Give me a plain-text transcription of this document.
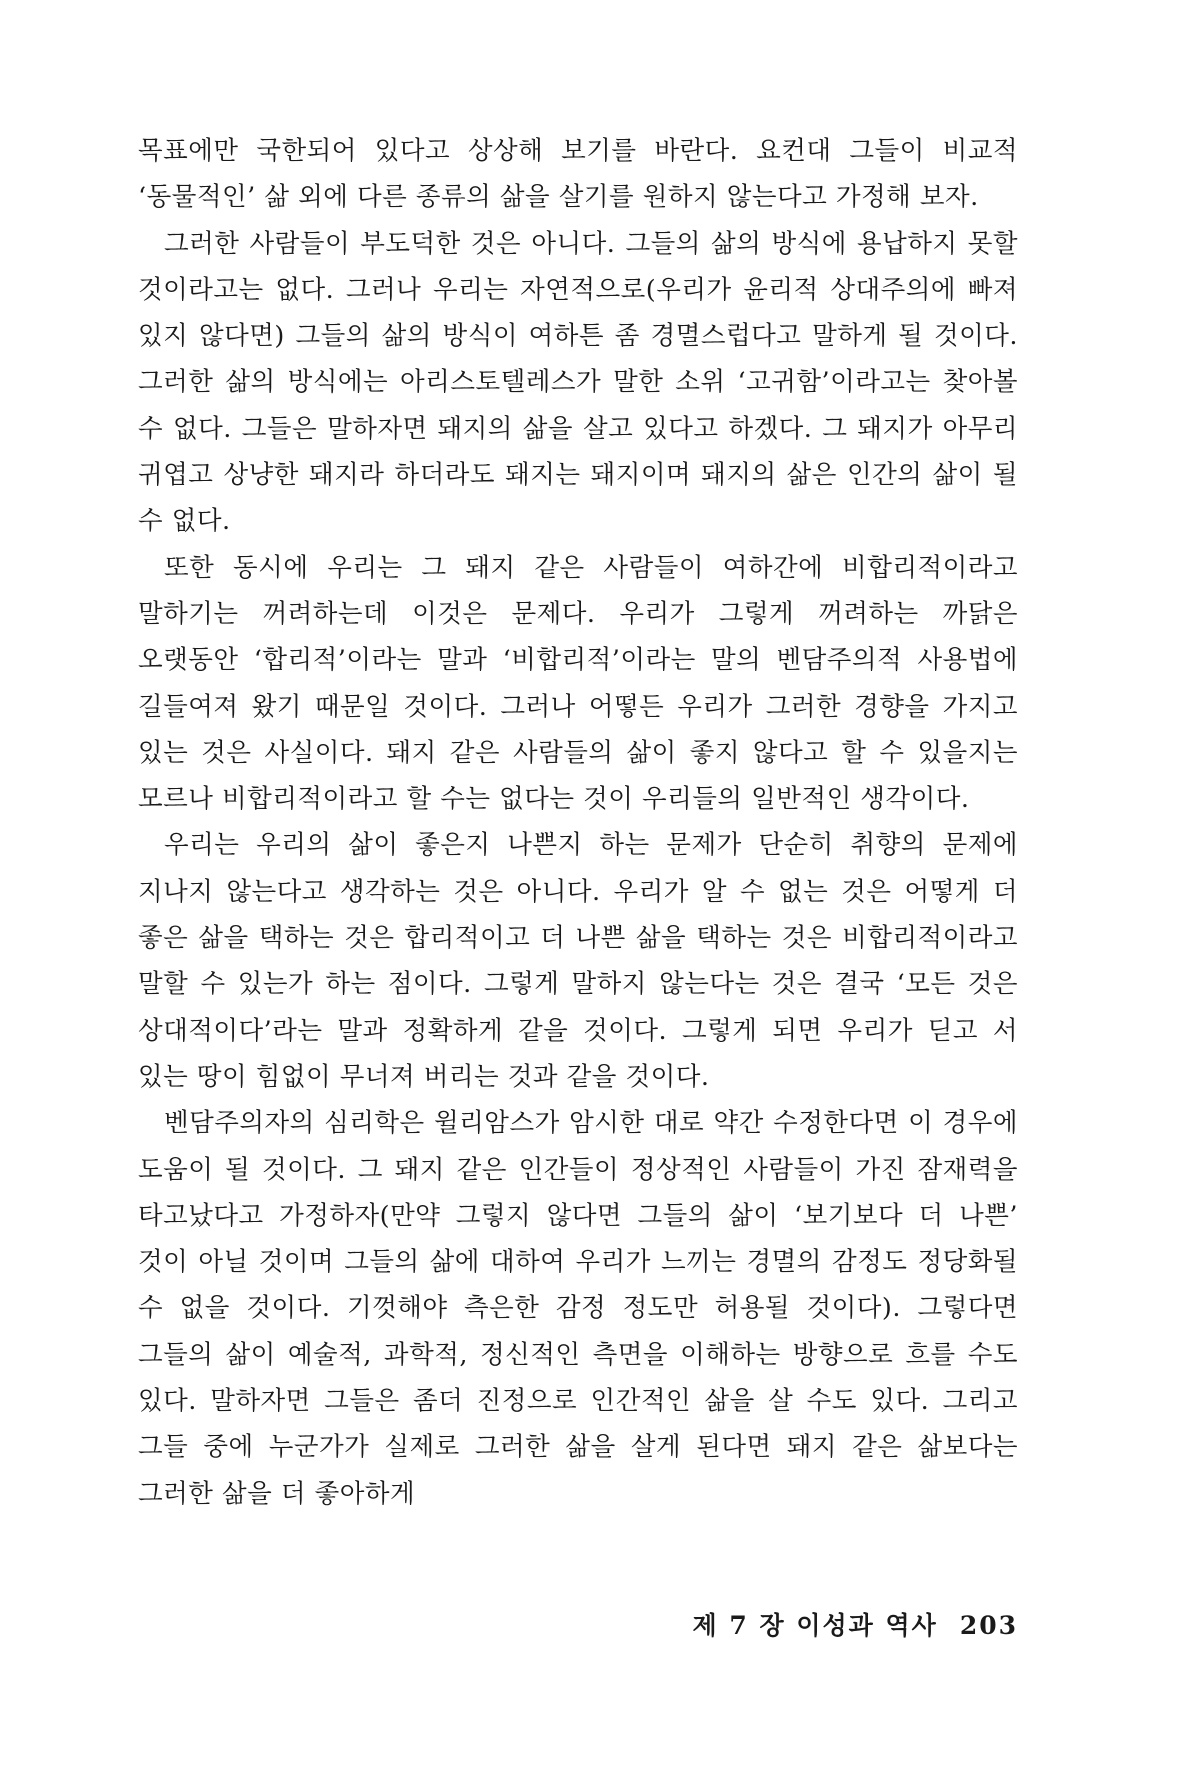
목표에만 국한되어 있다고 상상해 보기를 바란다. 요컨대 그들이 비교적 ‘동물적인’ 삶 외에 다른 종류의 삶을 살기를 원하지 않는다고 가정해 보자.

그러한 사람들이 부도덕한 것은 아니다. 그들의 삶의 방식에 용납하지 못할 것이라고는 없다. 그러나 우리는 자연적으로(우리가 윤리적 상대주의에 빠져 있지 않다면) 그들의 삶의 방식이 여하튼 좀 경멸스럽다고 말하게 될 것이다. 그러한 삶의 방식에는 아리스토텔레스가 말한 소위 ‘고귀함’이라고는 찾아볼 수 없다. 그들은 말하자면 돼지의 삶을 살고 있다고 하겠다. 그 돼지가 아무리 귀엽고 상냥한 돼지라 하더라도 돼지는 돼지이며 돼지의 삶은 인간의 삶이 될 수 없다.

또한 동시에 우리는 그 돼지 같은 사람들이 여하간에 비합리적이라고 말하기는 꺼려하는데 이것은 문제다. 우리가 그렇게 꺼려하는 까닭은 오랫동안 ‘합리적’이라는 말과 ‘비합리적’이라는 말의 벤담주의적 사용법에 길들여져 왔기 때문일 것이다. 그러나 어떻든 우리가 그러한 경향을 가지고 있는 것은 사실이다. 돼지 같은 사람들의 삶이 좋지 않다고 할 수 있을지는 모르나 비합리적이라고 할 수는 없다는 것이 우리들의 일반적인 생각이다.

우리는 우리의 삶이 좋은지 나쁜지 하는 문제가 단순히 취향의 문제에 지나지 않는다고 생각하는 것은 아니다. 우리가 알 수 없는 것은 어떻게 더 좋은 삶을 택하는 것은 합리적이고 더 나쁜 삶을 택하는 것은 비합리적이라고 말할 수 있는가 하는 점이다. 그렇게 말하지 않는다는 것은 결국 ‘모든 것은 상대적이다’라는 말과 정확하게 같을 것이다. 그렇게 되면 우리가 딛고 서 있는 땅이 힘없이 무너져 버리는 것과 같을 것이다.

벤담주의자의 심리학은 윌리암스가 암시한 대로 약간 수정한다면 이 경우에 도움이 될 것이다. 그 돼지 같은 인간들이 정상적인 사람들이 가진 잠재력을 타고났다고 가정하자(만약 그렇지 않다면 그들의 삶이 ‘보기보다 더 나쁜’ 것이 아닐 것이며 그들의 삶에 대하여 우리가 느끼는 경멸의 감정도 정당화될 수 없을 것이다. 기껏해야 측은한 감정 정도만 허용될 것이다). 그렇다면 그들의 삶이 예술적, 과학적, 정신적인 측면을 이해하는 방향으로 흐를 수도 있다. 말하자면 그들은 좀더 진정으로 인간적인 삶을 살 수도 있다. 그리고 그들 중에 누군가가 실제로 그러한 삶을 살게 된다면 돼지 같은 삶보다는 그러한 삶을 더 좋아하게

제 7 장 이성과 역사 203
